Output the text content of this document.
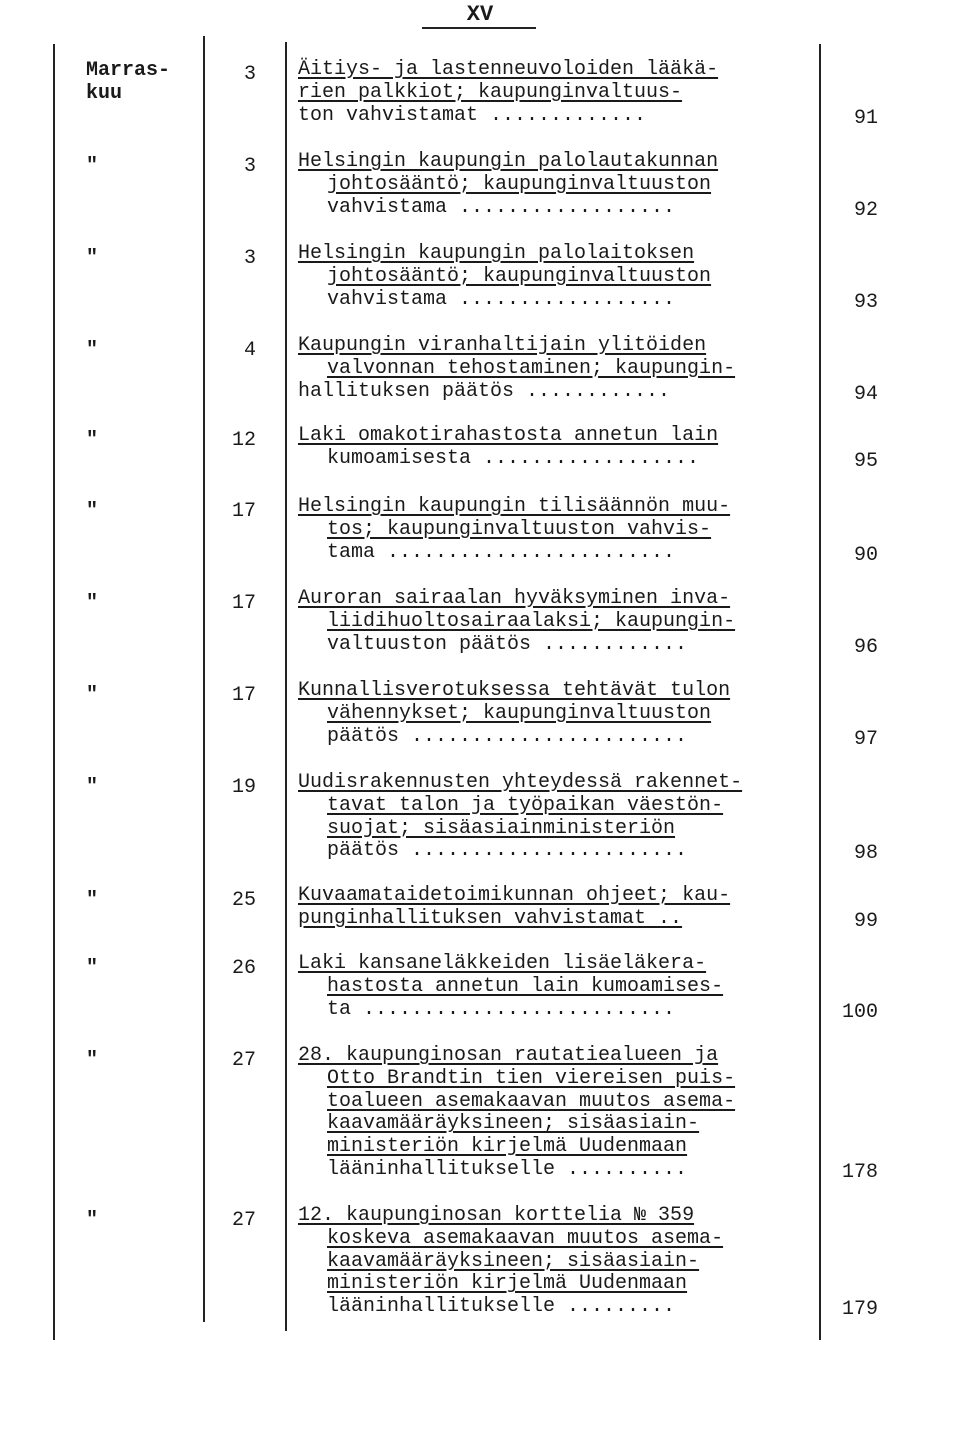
XV
Marras-
kuu
3 Äitiys- ja lastenneuvoloiden lääkä-
rien palkkiot; kaupunginvaltuus-
ton vahvistamat .............	91
"	3 Helsingin kaupungin palolautakunnan
johtosääntö; kaupunginvaltuuston
vahvistama ..................	92
"	3 Helsingin kaupungin palolaitoksen
johtosääntö; kaupunginvaltuuston
vahvistama ..................	93
"	4 Kaupungin viranhaltijain ylitöiden
valvonnan tehostaminen; kaupungin-
hallituksen päätös ............	94
"	12 Laki omakotirahastosta annetun lain
kumoamisesta ..................	95
"	17 Helsingin kaupungin tilisäännön muu-
tos; kaupunginvaltuuston vahvis-
tama ........................	90
"	17 Auroran sairaalan hyväksyminen inva-
liidihuoltosairaalaksi; kaupungin-
valtuuston päätös ............	96
"	17 Kunnallisverotuksessa tehtävät tulon
vähennykset; kaupunginvaltuuston
päätös .......................	97
"	19 Uudisrakennusten yhteydessä rakennet-
tavat talon ja työpaikan väestön-
suojat; sisäasiainministeriön
päätös .......................	98
"	25 Kuvaamataidetoimikunnan ohjeet; kau-
punginhallituksen vahvistamat ..	99
"	26 Laki kansaneläkkeiden lisäeläkera-
hastosta annetun lain kumoamises-
ta ..........................	100
"	27 28. kaupunginosan rautatiealueen ja
Otto Brandtin tien viereisen puis-
toalueen asemakaavan muutos asema-
kaavamääräyksineen; sisäasiain-
ministeriön kirjelmä Uudenmaan
lääninhallitukselle ..........	178
"	27 12. kaupunginosan korttelia № 359
koskeva asemakaavan muutos asema-
kaavamääräyksineen; sisäasiain-
ministeriön kirjelmä Uudenmaan
lääninhallitukselle .........	179
